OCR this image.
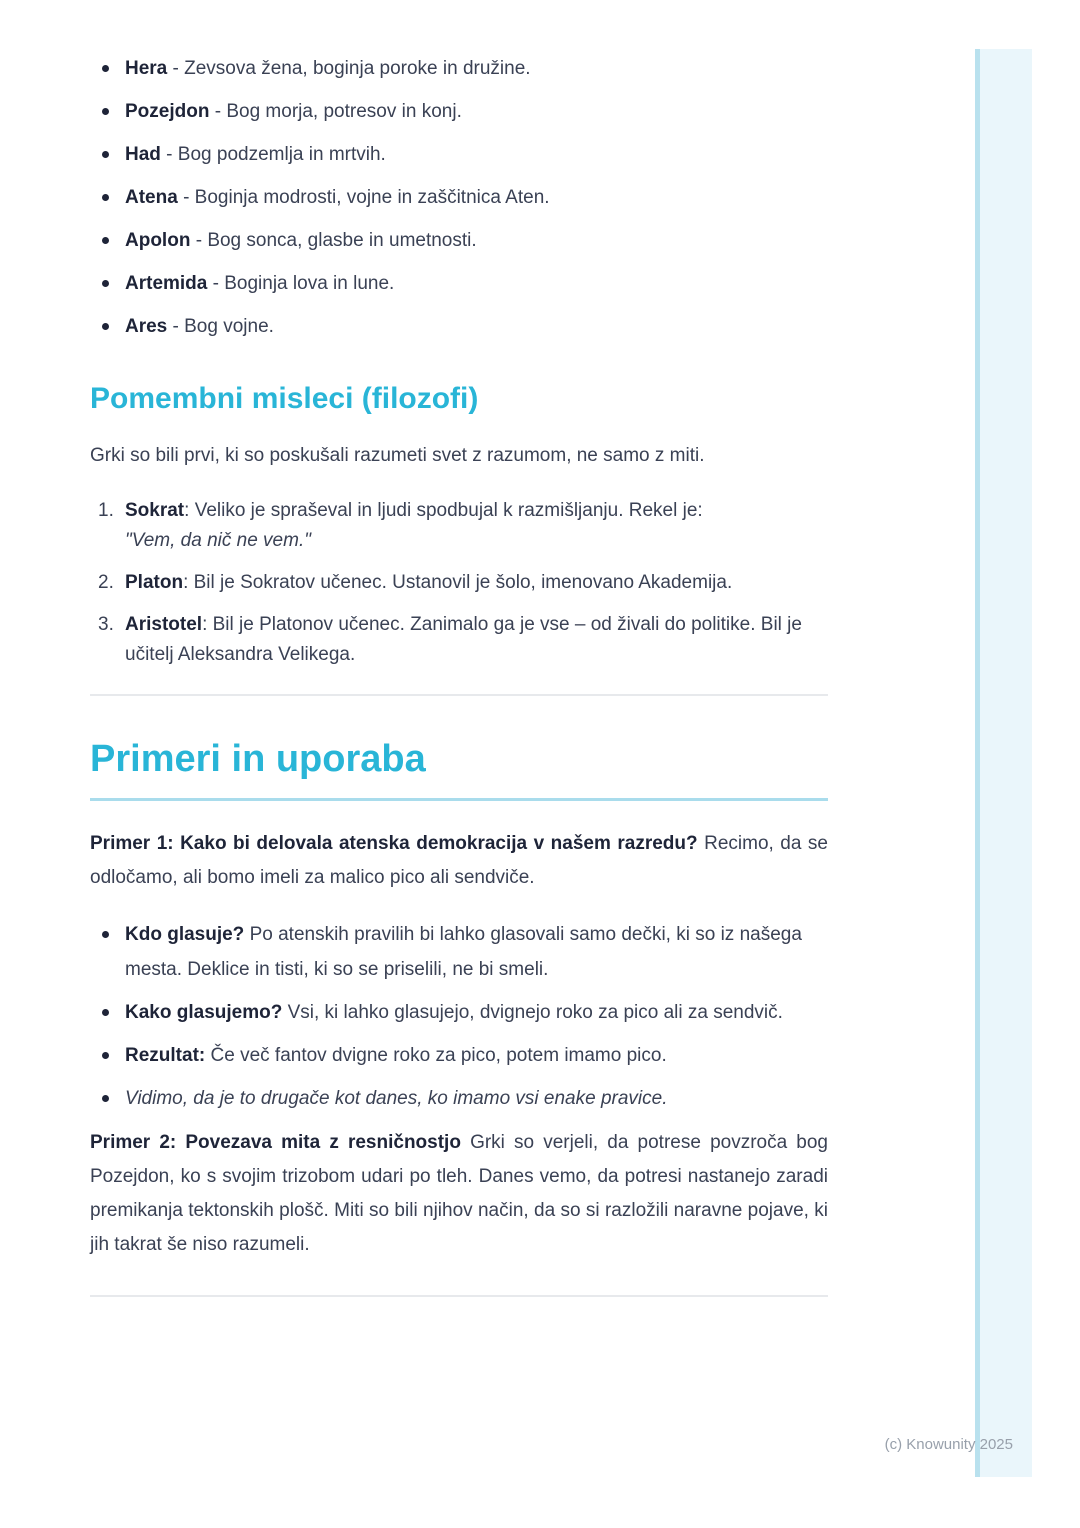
Hera - Zevsova žena, boginja poroke in družine.
Pozejdon - Bog morja, potresov in konj.
Had - Bog podzemlja in mrtvih.
Atena - Boginja modrosti, vojne in zaščitnica Aten.
Apolon - Bog sonca, glasbe in umetnosti.
Artemida - Boginja lova in lune.
Ares - Bog vojne.
Pomembni misleci (filozofi)

Grki so bili prvi, ki so poskušali razumeti svet z razumom, ne samo z miti.

1. Sokrat: Veliko je spraševal in ljudi spodbujal k razmišljanju. Rekel je:
"Vem, da nič ne vem."
2. Platon: Bil je Sokratov učenec. Ustanovil je šolo, imenovano Akademija.
3. Aristotel: Bil je Platonov učenec. Zanimalo ga je vse – od živali do politike. Bil je učitelj Aleksandra Velikega.
Primeri in uporaba

Primer 1: Kako bi delovala atenska demokracija v našem razredu? Recimo, da se odločamo, ali bomo imeli za malico pico ali sendviče.

Kdo glasuje? Po atenskih pravilih bi lahko glasovali samo dečki, ki so iz našega mesta. Deklice in tisti, ki so se priselili, ne bi smeli.
Kako glasujemo? Vsi, ki lahko glasujejo, dvignejo roko za pico ali za sendvič.
Rezultat: Če več fantov dvigne roko za pico, potem imamo pico.
Vidimo, da je to drugače kot danes, ko imamo vsi enake pravice.

Primer 2: Povezava mita z resničnostjo Grki so verjeli, da potrese povzroča bog Pozejdon, ko s svojim trizobom udari po tleh. Danes vemo, da potresi nastanejo zaradi premikanja tektonskih plošč. Miti so bili njihov način, da so si razložili naravne pojave, ki jih takrat še niso razumeli.

(c) Knowunity 2025
